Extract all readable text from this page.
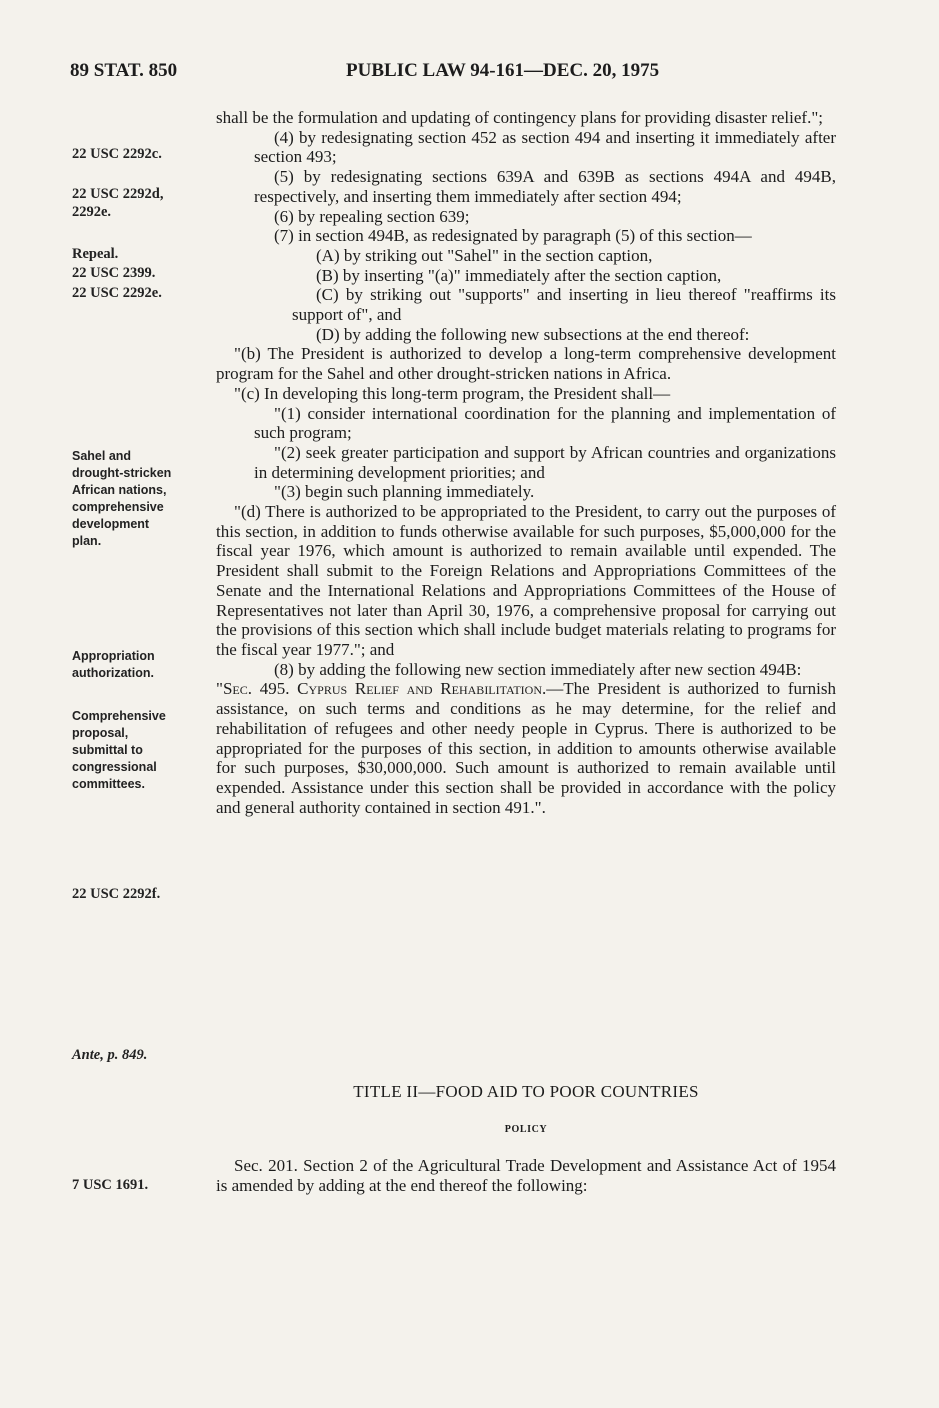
89 STAT. 850	PUBLIC LAW 94-161—DEC. 20, 1975
22 USC 2292c.
22 USC 2292d,
2292e.
Repeal.
22 USC 2399.
22 USC 2292e.
Sahel and
drought-stricken
African nations,
comprehensive
development
plan.
Appropriation
authorization.
Comprehensive
proposal,
submittal to
congressional
committees.
22 USC 2292f.
Ante, p. 849.
7 USC 1691.

shall be the formulation and updating of contingency plans for providing disaster relief.";

(4) by redesignating section 452 as section 494 and inserting it immediately after section 493;

(5) by redesignating sections 639A and 639B as sections 494A and 494B, respectively, and inserting them immediately after section 494;

(6) by repealing section 639;

(7) in section 494B, as redesignated by paragraph (5) of this section—

(A) by striking out "Sahel" in the section caption,

(B) by inserting "(a)" immediately after the section caption,

(C) by striking out "supports" and inserting in lieu thereof "reaffirms its support of", and

(D) by adding the following new subsections at the end thereof:

"(b) The President is authorized to develop a long-term comprehensive development program for the Sahel and other drought-stricken nations in Africa.

"(c) In developing this long-term program, the President shall—

"(1) consider international coordination for the planning and implementation of such program;

"(2) seek greater participation and support by African countries and organizations in determining development priorities; and

"(3) begin such planning immediately.

"(d) There is authorized to be appropriated to the President, to carry out the purposes of this section, in addition to funds otherwise available for such purposes, $5,000,000 for the fiscal year 1976, which amount is authorized to remain available until expended. The President shall submit to the Foreign Relations and Appropriations Committees of the Senate and the International Relations and Appropriations Committees of the House of Representatives not later than April 30, 1976, a comprehensive proposal for carrying out the provisions of this section which shall include budget materials relating to programs for the fiscal year 1977."; and

(8) by adding the following new section immediately after new section 494B:

"Sec. 495. Cyprus Relief and Rehabilitation.—The President is authorized to furnish assistance, on such terms and conditions as he may determine, for the relief and rehabilitation of refugees and other needy people in Cyprus. There is authorized to be appropriated for the purposes of this section, in addition to amounts otherwise available for such purposes, $30,000,000. Such amount is authorized to remain available until expended. Assistance under this section shall be provided in accordance with the policy and general authority contained in section 491.".

TITLE II—FOOD AID TO POOR COUNTRIES
POLICY

Sec. 201. Section 2 of the Agricultural Trade Development and Assistance Act of 1954 is amended by adding at the end thereof the following:
